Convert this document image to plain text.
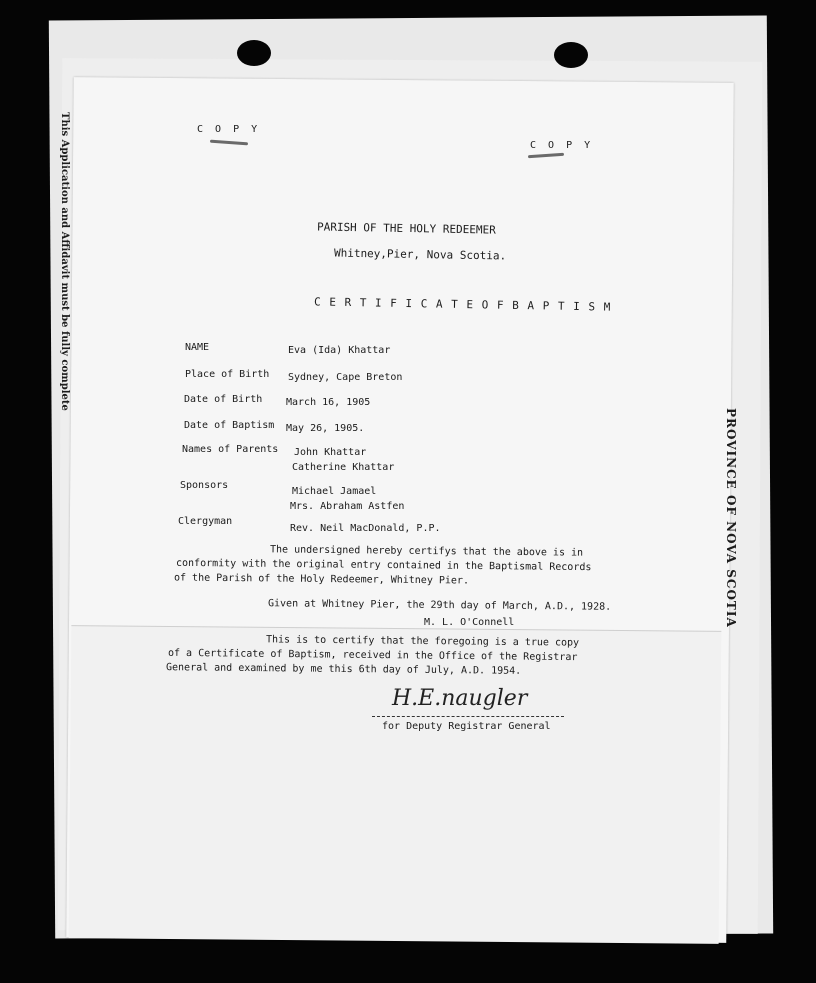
This Application and Affidavit must be fully complete
PROVINCE OF NOVA SCOTIA
C O P Y
C O P Y
PARISH OF THE HOLY REDEEMER
Whitney,Pier, Nova Scotia.
C E R T I F I C A T E O F B A P T I S M
NAME	Eva (Ida) Khattar
Place of Birth Sydney, Cape Breton
Date of Birth March 16, 1905
Date of Baptism May 26, 1905.
Names of Parents John Khattar
Catherine Khattar
Sponsors
Michael Jamael
Mrs. Abraham Astfen
Clergyman
Rev. Neil MacDonald, P.P.
The undersigned hereby certifys that the above is in
conformity with the original entry contained in the Baptismal Records
of the Parish of the Holy Redeemer, Whitney Pier.
Given at Whitney Pier, the 29th day of March, A.D., 1928.
M. L. O'Connell
This is to certify that the foregoing is a true copy
of a Certificate of Baptism, received in the Office of the Registrar
General and examined by me this 6th day of July, A.D. 1954.
H.E.naugler
for Deputy Registrar General
